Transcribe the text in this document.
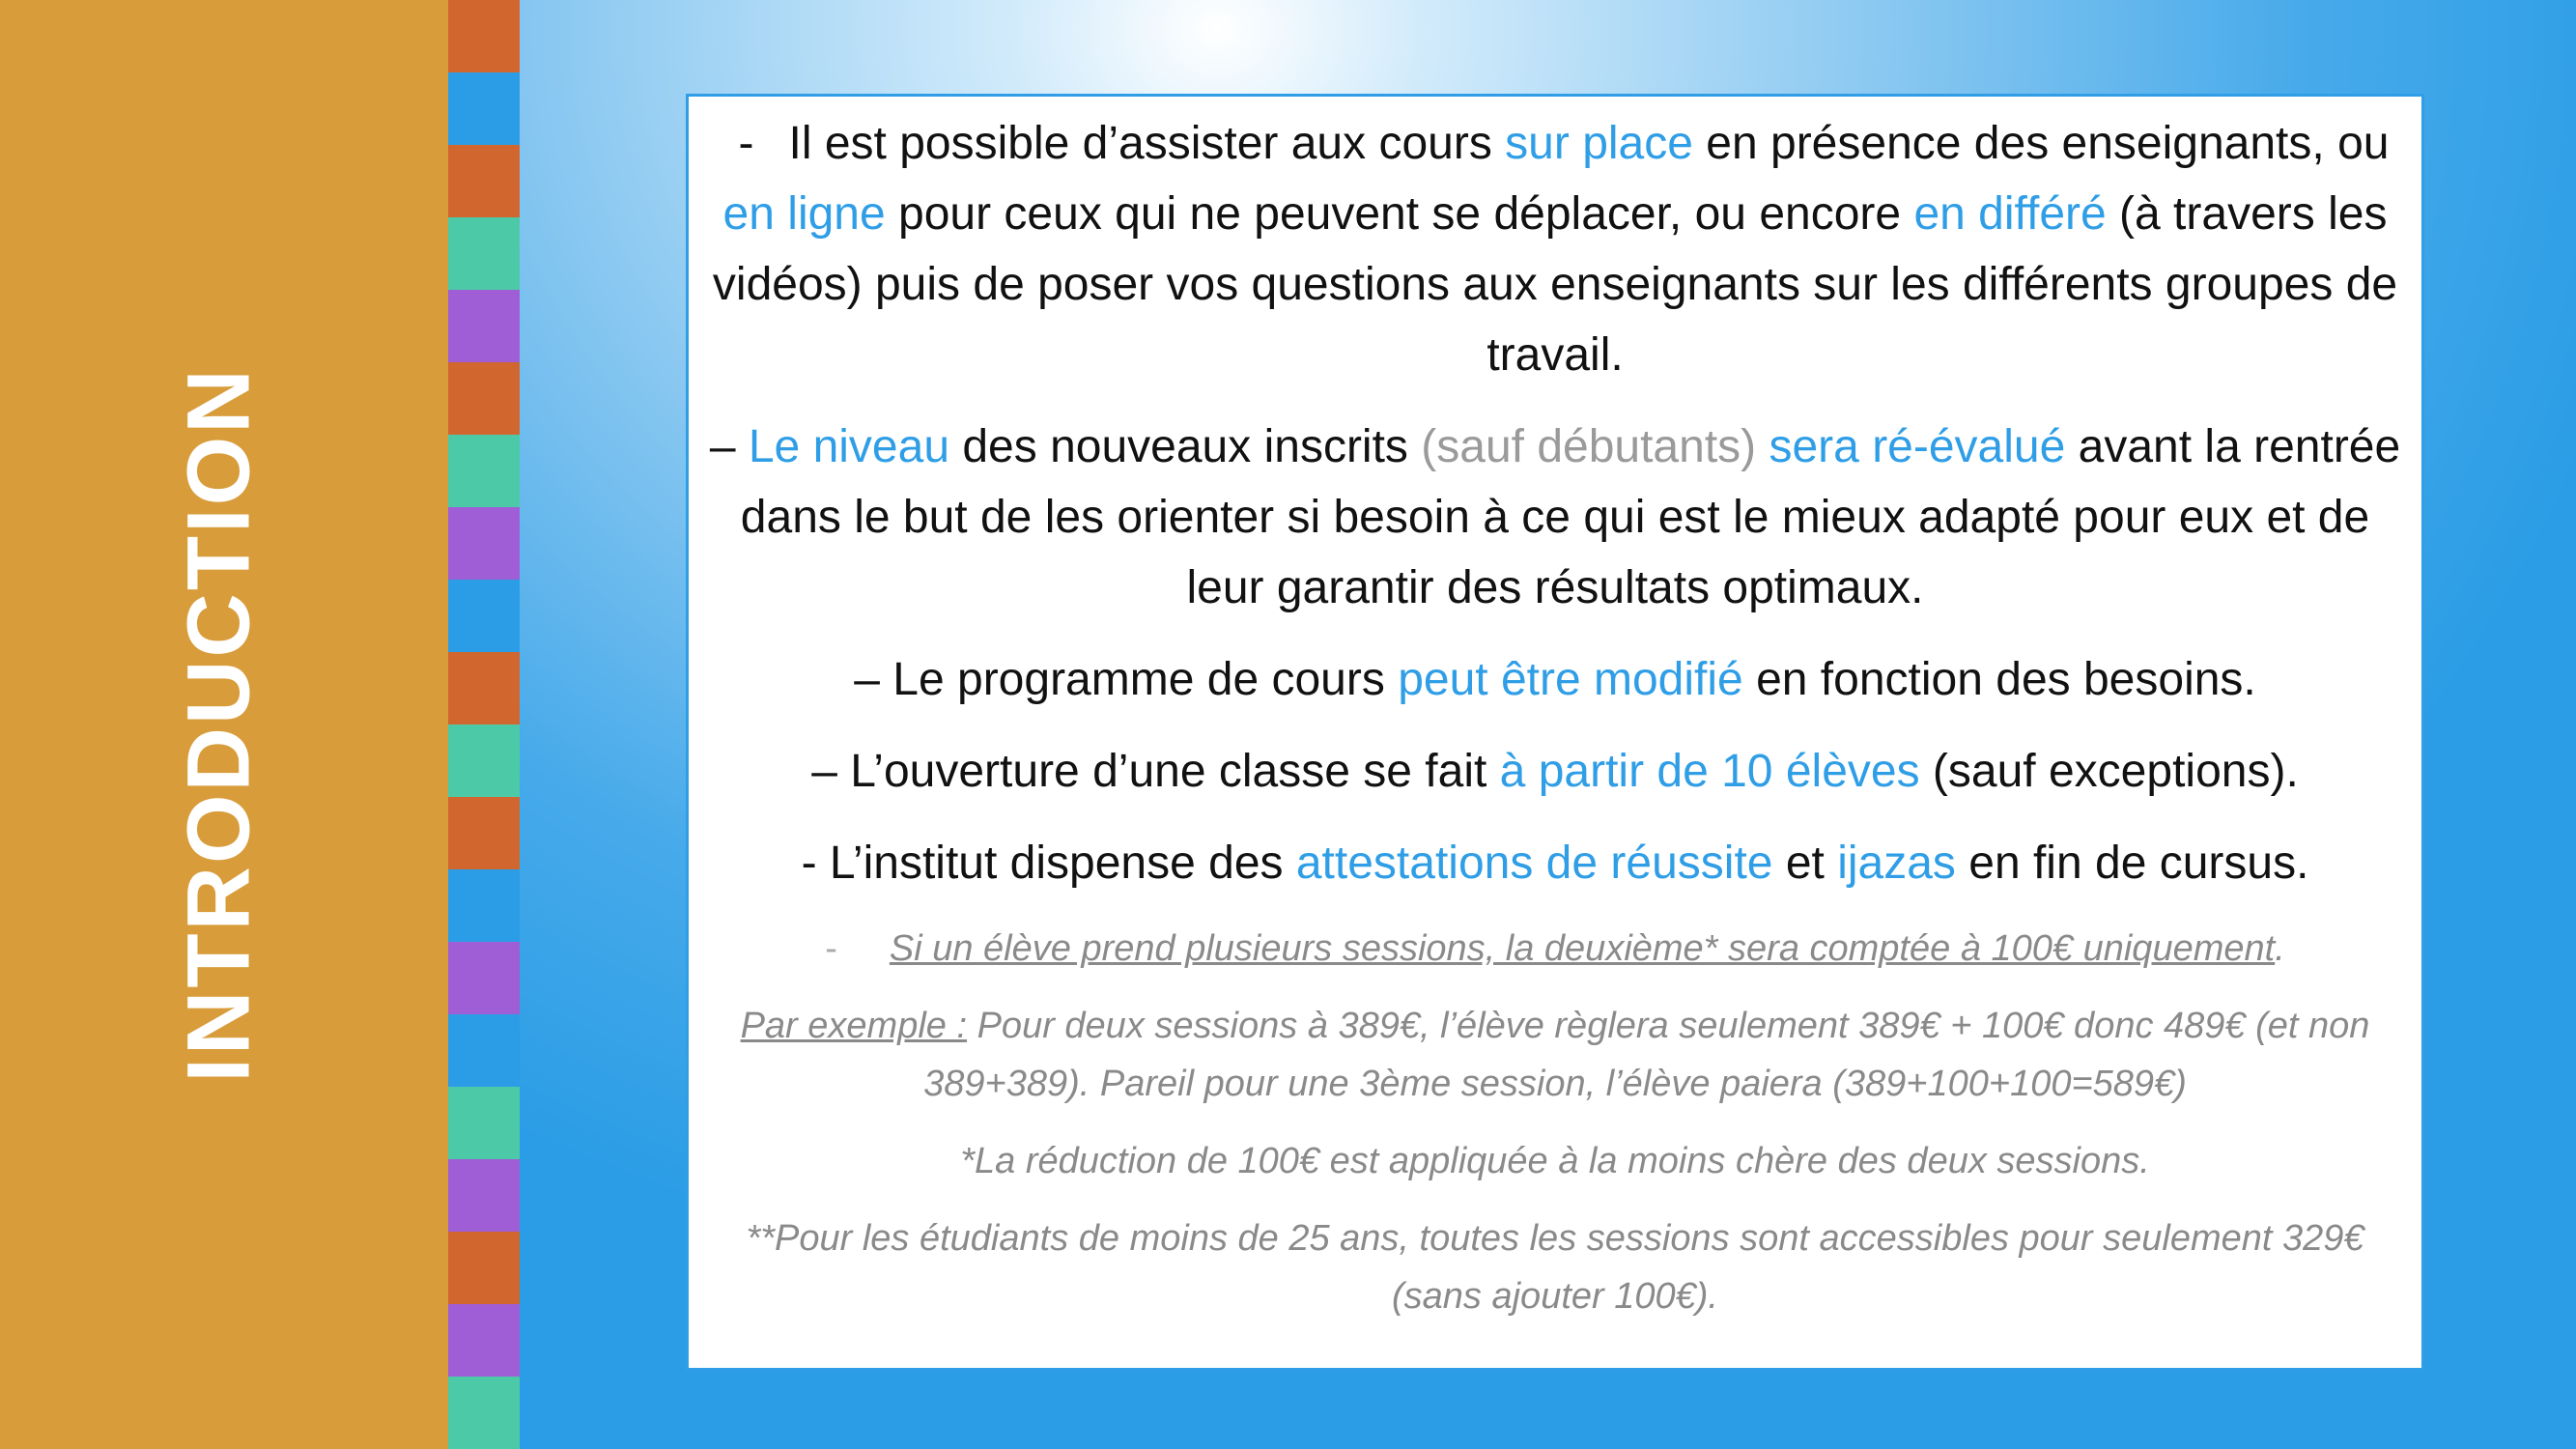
INTRODUCTION

- Il est possible d’assister aux cours sur place en présence des enseignants, ou en ligne pour ceux qui ne peuvent se déplacer, ou encore en différé (à travers les vidéos) puis de poser vos questions aux enseignants sur les différents groupes de travail.

– Le niveau des nouveaux inscrits (sauf débutants) sera ré-évalué avant la rentrée dans le but de les orienter si besoin à ce qui est le mieux adapté pour eux et de leur garantir des résultats optimaux.

– Le programme de cours peut être modifié en fonction des besoins.

– L’ouverture d’une classe se fait à partir de 10 élèves (sauf exceptions).

- L’institut dispense des attestations de réussite et ijazas en fin de cursus.

- Si un élève prend plusieurs sessions, la deuxième* sera comptée à 100€ uniquement.

Par exemple : Pour deux sessions à 389€, l’élève règlera seulement 389€ + 100€ donc 489€ (et non 389+389). Pareil pour une 3ème session, l’élève paiera (389+100+100=589€)

*La réduction de 100€ est appliquée à la moins chère des deux sessions.

**Pour les étudiants de moins de 25 ans, toutes les sessions sont accessibles pour seulement 329€ (sans ajouter 100€).
